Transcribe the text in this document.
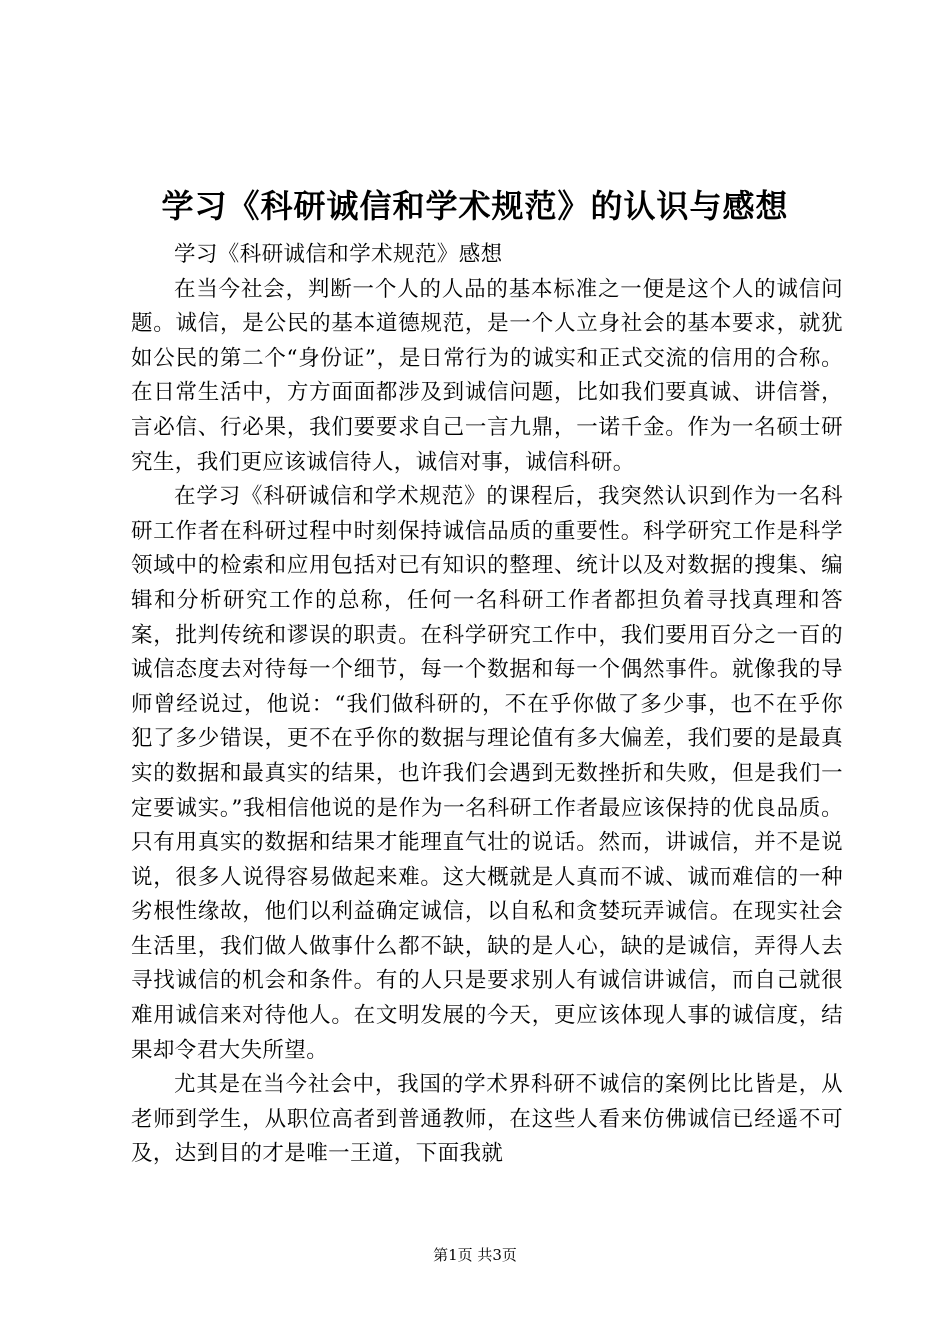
学习《科研诚信和学术规范》的认识与感想

学习《科研诚信和学术规范》感想

在当今社会，判断一个人的人品的基本标准之一便是这个人的诚信问题。诚信，是公民的基本道德规范，是一个人立身社会的基本要求，就犹如公民的第二个“身份证”，是日常行为的诚实和正式交流的信用的合称。在日常生活中，方方面面都涉及到诚信问题，比如我们要真诚、讲信誉，言必信、行必果，我们要要求自己一言九鼎，一诺千金。作为一名硕士研究生，我们更应该诚信待人，诚信对事，诚信科研。

在学习《科研诚信和学术规范》的课程后，我突然认识到作为一名科研工作者在科研过程中时刻保持诚信品质的重要性。科学研究工作是科学领域中的检索和应用包括对已有知识的整理、统计以及对数据的搜集、编辑和分析研究工作的总称，任何一名科研工作者都担负着寻找真理和答案，批判传统和谬误的职责。在科学研究工作中，我们要用百分之一百的诚信态度去对待每一个细节，每一个数据和每一个偶然事件。就像我的导师曾经说过，他说：“我们做科研的，不在乎你做了多少事，也不在乎你犯了多少错误，更不在乎你的数据与理论值有多大偏差，我们要的是最真实的数据和最真实的结果，也许我们会遇到无数挫折和失败，但是我们一定要诚实。”我相信他说的是作为一名科研工作者最应该保持的优良品质。只有用真实的数据和结果才能理直气壮的说话。然而，讲诚信，并不是说说，很多人说得容易做起来难。这大概就是人真而不诚、诚而难信的一种劣根性缘故，他们以利益确定诚信，以自私和贪婪玩弄诚信。在现实社会生活里，我们做人做事什么都不缺，缺的是人心，缺的是诚信，弄得人去寻找诚信的机会和条件。有的人只是要求别人有诚信讲诚信，而自己就很难用诚信来对待他人。在文明发展的今天，更应该体现人事的诚信度，结果却令君大失所望。

尤其是在当今社会中，我国的学术界科研不诚信的案例比比皆是，从老师到学生，从职位高者到普通教师，在这些人看来仿佛诚信已经遥不可及，达到目的才是唯一王道，下面我就

第1页 共3页
